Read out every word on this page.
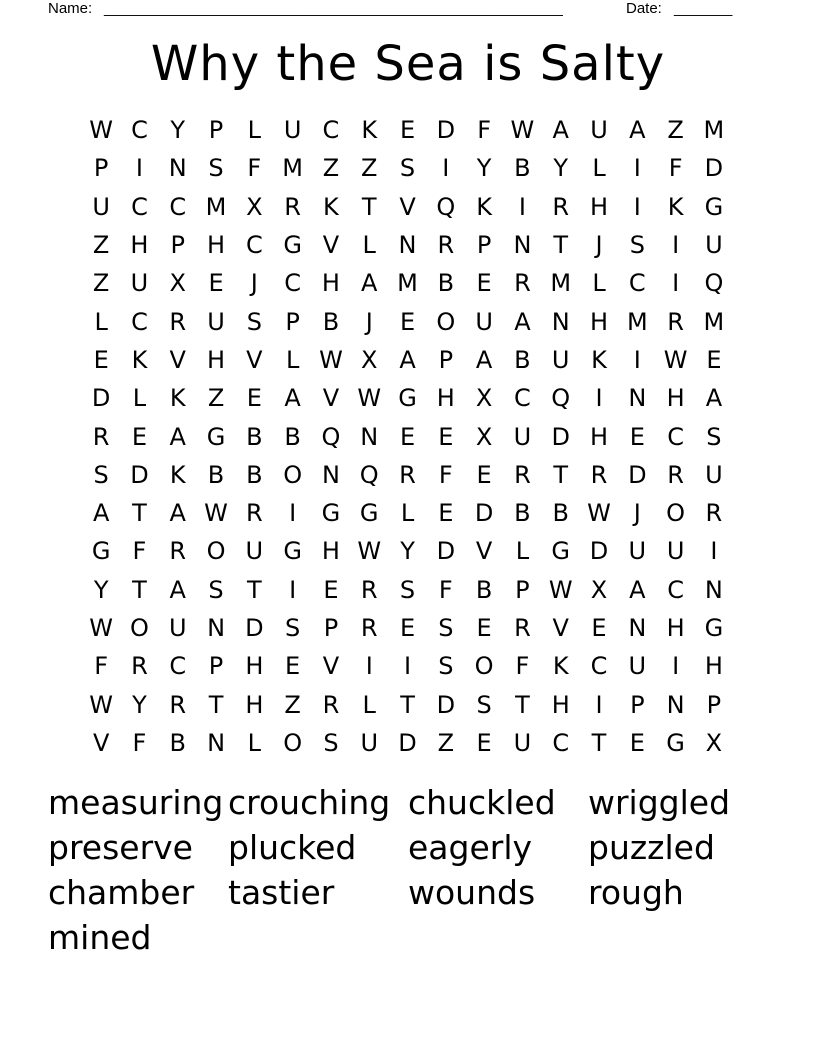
Name: _______________________________________________________	Date: _______
Why the Sea is Salty
W C Y P	L U C K E D F W A U A Z M
P	I	N S F M Z Z S	I	Y B Y	L	I	F D
U C C M X R K T V Q K	I	R H	I	K G
Z H P H C G V L N R P N T	J	S	I	U
Z U X E	J	C H A M B E R M L C	I	Q
L C R U S P B	J	E O U A N H M R M
E K V H V L W X A P A B U K	I W E
D L K Z E A V W G H X C Q	I	N H A
R E A G B B Q N E E X U D H E C S
S D K B B O N Q R F E R T R D R U
A T A W R	I	G G L	E D B B W J	O R
G F R O U G H W Y D V L G D U U	I
Y T A S T	I	E R S F B P W X A C N
W O U N D S P R E S E R V E N H G
F R C P H E V	I	I	S O F K C U	I	H
W Y R T H Z R L	T D S T H	I	P N P
V F B N L O S U D Z E U C T E G X
measuring crouching chuckled wriggled
preserve	plucked	eagerly	puzzled
chamber	tastier	wounds	rough
mined
